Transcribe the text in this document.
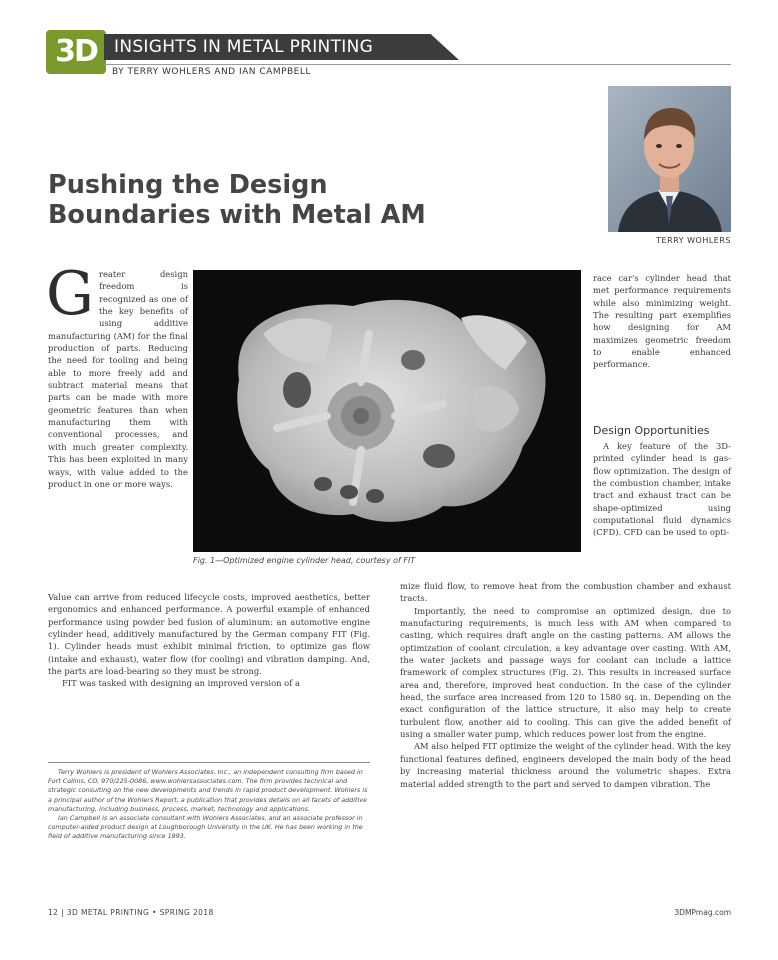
3D	INSIGHTS IN METAL PRINTING
BY TERRY WOHLERS AND IAN CAMPBELL
TERRY WOHLERS
Pushing the Design
Boundaries with Metal AM

Greater design freedom is recognized as one of the key benefits of using additive manufacturing (AM) for the final production of parts. Reducing the need for tooling and being able to more freely add and subtract material means that parts can be made with more geometric features than when manufacturing them with conventional processes, and with much greater complexity. This has been exploited in many ways, with value added to the product in one or more ways.

Fig. 1—Optimized engine cylinder head, courtesy of FIT

Value can arrive from reduced lifecycle costs, improved aesthetics, better ergonomics and enhanced performance. A powerful example of enhanced performance using powder bed fusion of aluminum: an automotive engine cylinder head, additively manufactured by the German company FIT (Fig. 1). Cylinder heads must exhibit minimal friction, to optimize gas flow (intake and exhaust), water flow (for cooling) and vibration damping. And, the parts are load-bearing so they must be strong.

FIT was tasked with designing an improved version of a

race car's cylinder head that met performance requirements while also minimizing weight. The resulting part exemplifies how designing for AM maximizes geometric freedom to enable enhanced performance.

Design Opportunities

A key feature of the 3D-printed cylinder head is gas-flow optimization. The design of the combustion chamber, intake tract and exhaust tract can be shape-optimized using computational fluid dynamics (CFD). CFD can be used to opti-

mize fluid flow, to remove heat from the combustion chamber and exhaust tracts.

Importantly, the need to compromise an optimized design, due to manufacturing requirements, is much less with AM when compared to casting, which requires draft angle on the casting patterns. AM allows the optimization of coolant circulation, a key advantage over casting. With AM, the water jackets and passage ways for coolant can include a lattice framework of complex structures (Fig. 2). This results in increased surface area and, therefore, improved heat conduction. In the case of the cylinder head, the surface area increased from 120 to 1580 sq. in. Depending on the exact configuration of the lattice structure, it also may help to create turbulent flow, another aid to cooling. This can give the added benefit of using a smaller water pump, which reduces power lost from the engine.

AM also helped FIT optimize the weight of the cylinder head. With the key functional features defined, engineers developed the main body of the head by increasing material thickness around the volumetric shapes. Extra material added strength to the part and served to dampen vibration. The

Terry Wohlers is president of Wohlers Associates, Inc., an independent consulting firm based in Fort Collins, CO, 970/225-0086, www.wohlersassociates.com. The firm provides technical and strategic consulting on the new developments and trends in rapid product development. Wohlers is a principal author of the Wohlers Report, a publication that provides details on all facets of additive manufacturing, including business, process, market, technology and applications.

Ian Campbell is an associate consultant with Wohlers Associates, and an associate professor in computer-aided product design at Loughborough University in the UK. He has been working in the field of additive manufacturing since 1993.

12 | 3D METAL PRINTING • SPRING 2018	3DMPmag.com
